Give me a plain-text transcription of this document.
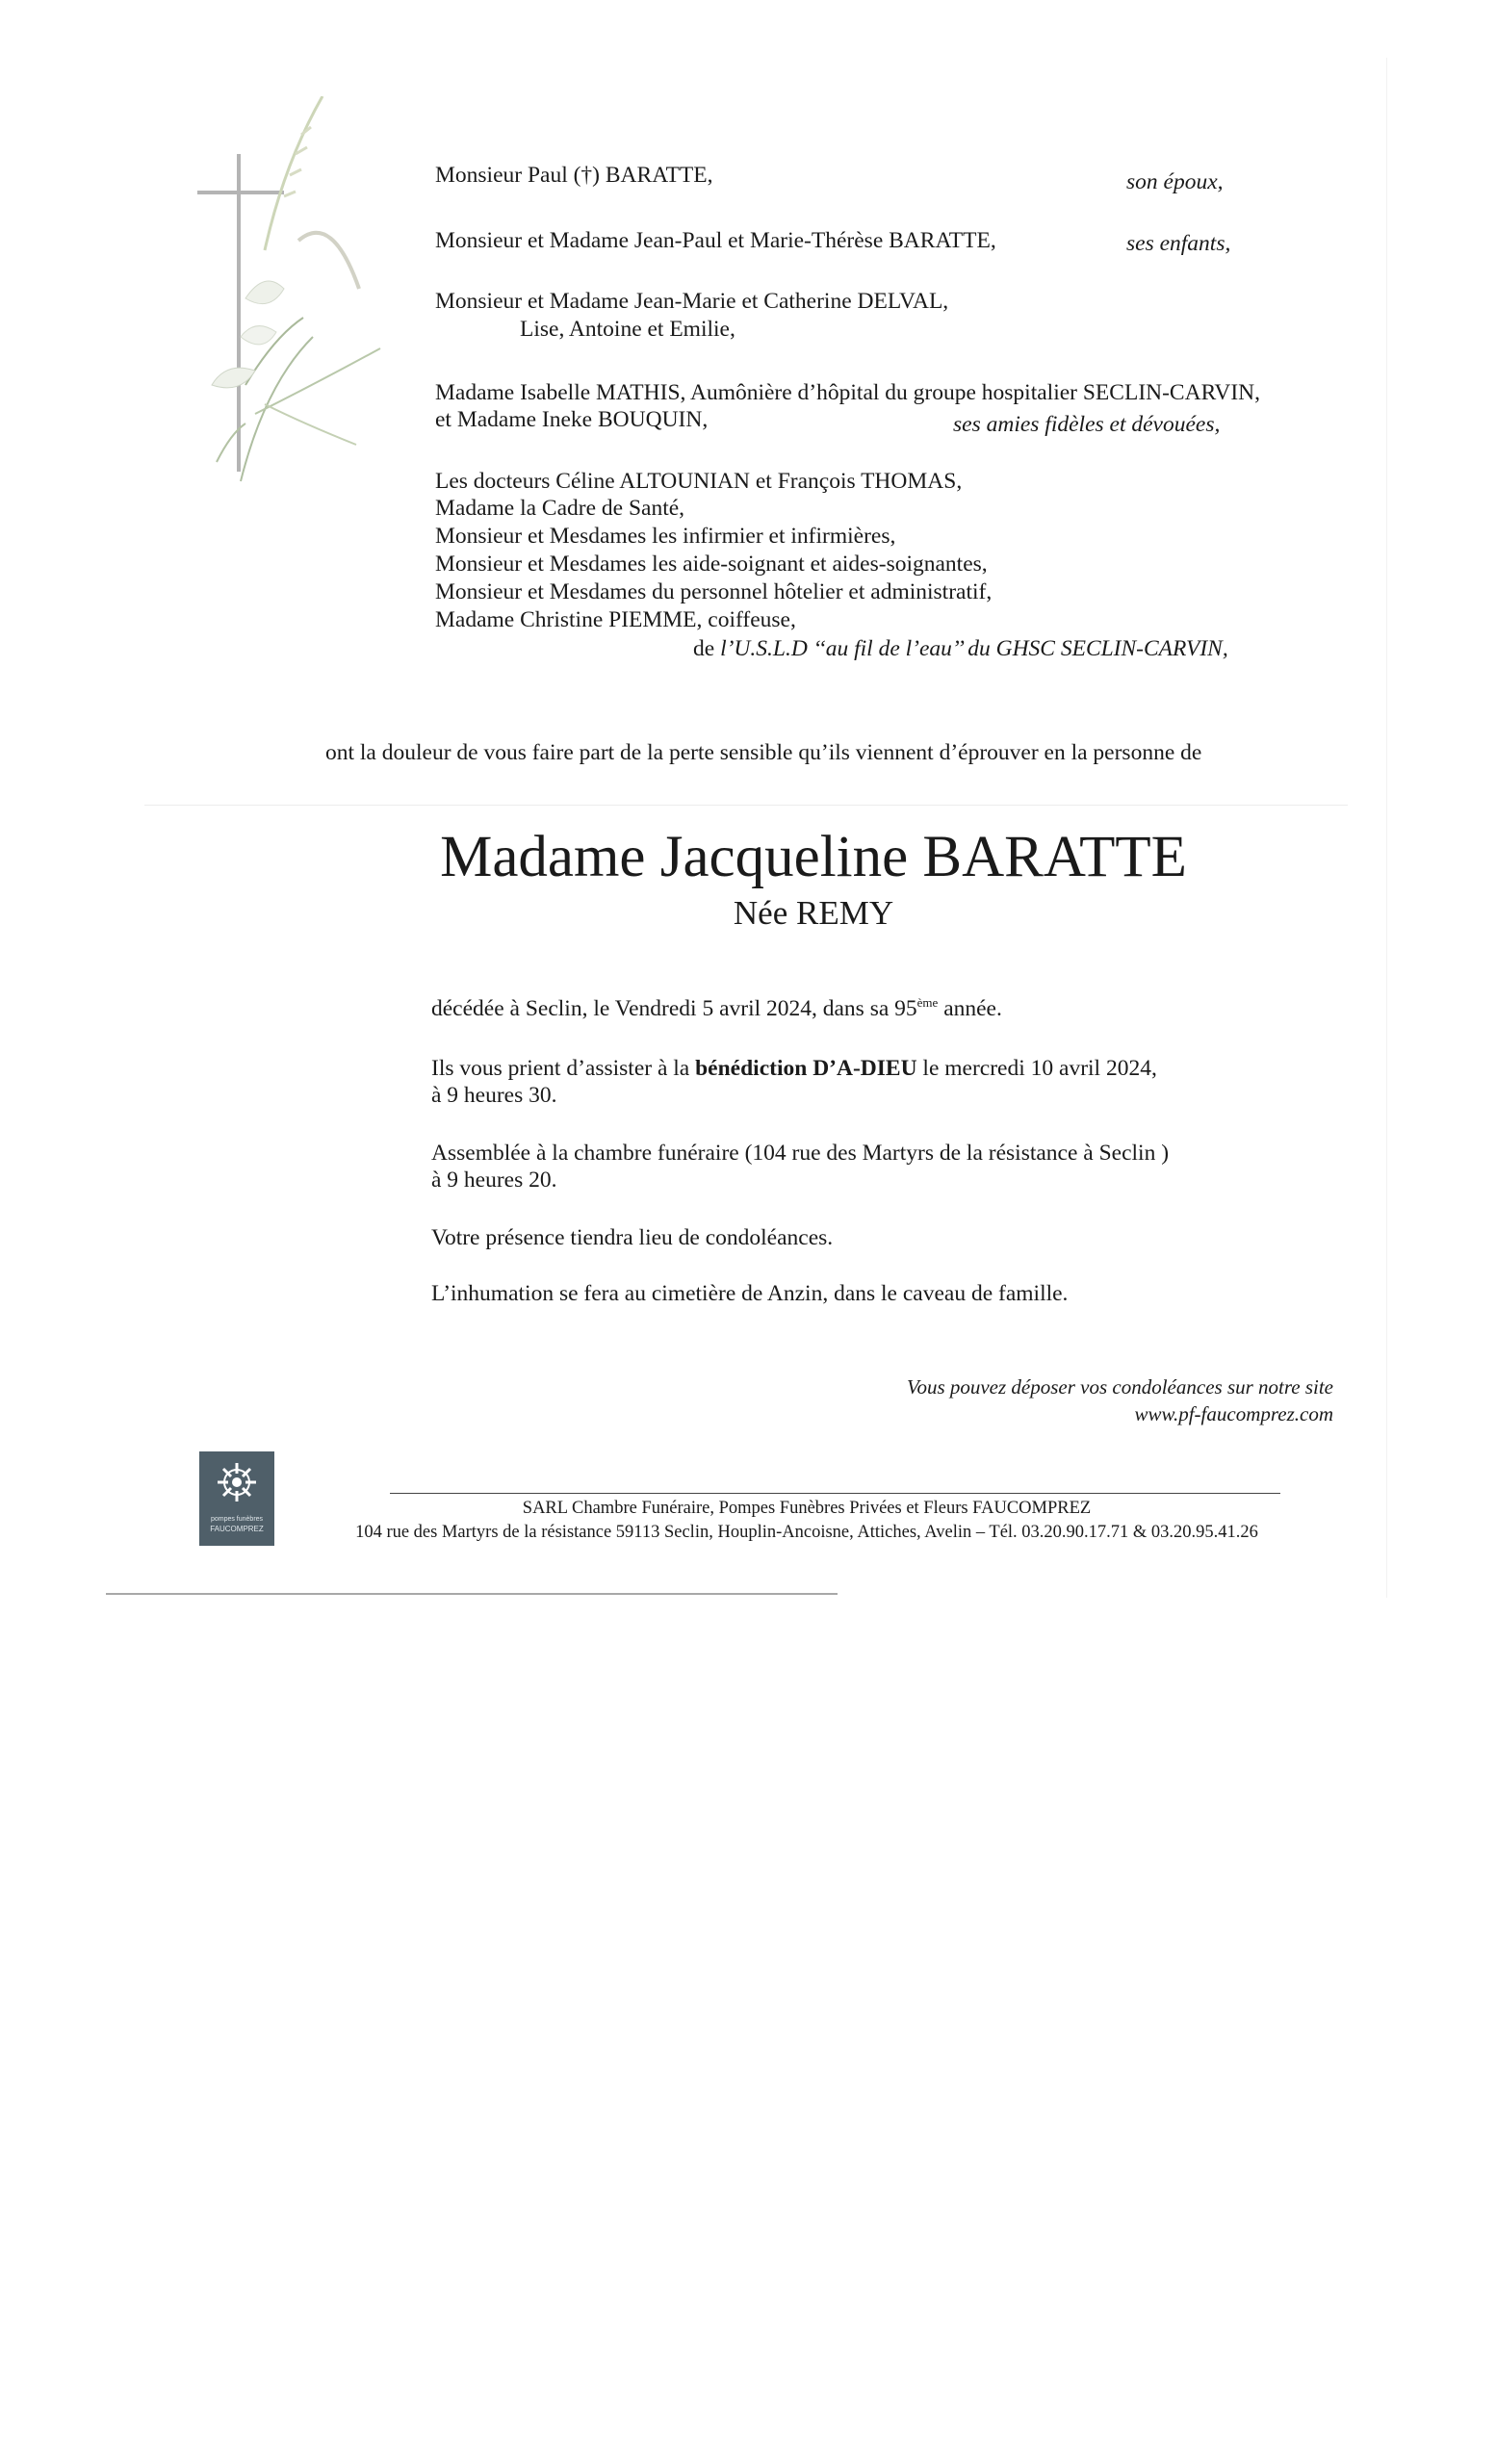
Monsieur Paul (†) BARATTE,	son époux,
Monsieur et Madame Jean-Paul et Marie-Thérèse BARATTE,	ses enfants,
Monsieur et Madame Jean-Marie et Catherine DELVAL,
Lise, Antoine et Emilie,
Madame Isabelle MATHIS, Aumônière d’hôpital du groupe hospitalier SECLIN-CARVIN,
et Madame Ineke BOUQUIN,	ses amies fidèles et dévouées,
Les docteurs Céline ALTOUNIAN et François THOMAS,
Madame la Cadre de Santé,
Monsieur et Mesdames les infirmier et infirmières,
Monsieur et Mesdames les aide-soignant et aides-soignantes,
Monsieur et Mesdames du personnel hôtelier et administratif,
Madame Christine PIEMME, coiffeuse,
de l’U.S.L.D ‘‘au fil de l’eau’’ du GHSC SECLIN-CARVIN,
ont la douleur de vous faire part de la perte sensible qu’ils viennent d’éprouver en la personne de
Madame Jacqueline BARATTE
Née REMY
décédée à Seclin, le Vendredi 5 avril 2024, dans sa 95ème année.
Ils vous prient d’assister à la bénédiction D’A-DIEU le mercredi 10 avril 2024,
à 9 heures 30.
Assemblée à la chambre funéraire (104 rue des Martyrs de la résistance à Seclin )
à 9 heures 20.
Votre présence tiendra lieu de condoléances.
L’inhumation se fera au cimetière de Anzin, dans le caveau de famille.
Vous pouvez déposer vos condoléances sur notre site
www.pf-faucomprez.com
pompes funèbres
FAUCOMPREZ
SARL Chambre Funéraire, Pompes Funèbres Privées et Fleurs FAUCOMPREZ
104 rue des Martyrs de la résistance 59113 Seclin, Houplin-Ancoisne, Attiches, Avelin – Tél. 03.20.90.17.71 & 03.20.95.41.26
